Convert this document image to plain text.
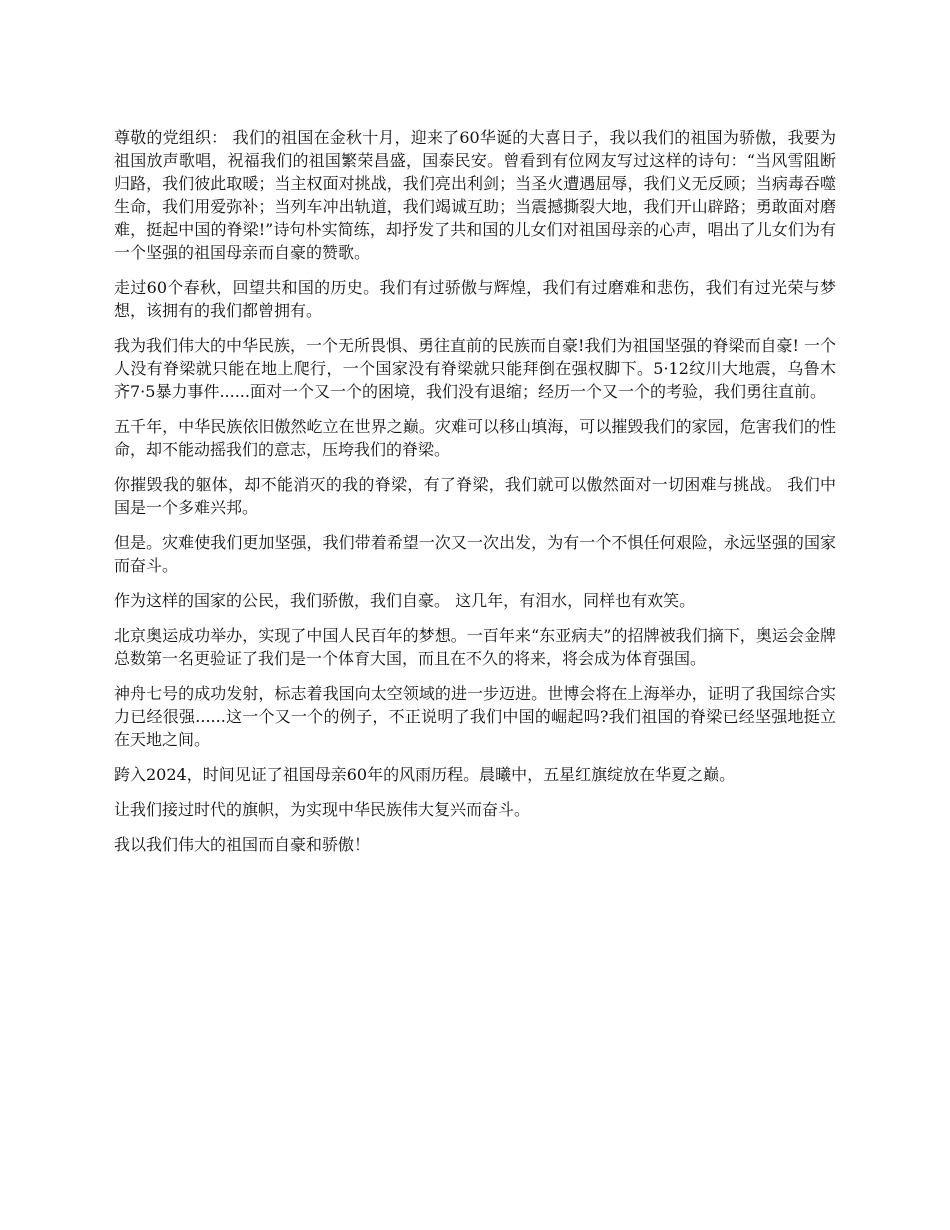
尊敬的党组织： 我们的祖国在金秋十月，迎来了60华诞的大喜日子，我以我们的祖国为骄傲，我要为祖国放声歌唱，祝福我们的祖国繁荣昌盛，国泰民安。曾看到有位网友写过这样的诗句：“当风雪阻断归路，我们彼此取暖；当主权面对挑战，我们亮出利剑；当圣火遭遇屈辱，我们义无反顾；当病毒吞噬生命，我们用爱弥补；当列车冲出轨道，我们竭诚互助；当震撼撕裂大地，我们开山辟路；勇敢面对磨难，挺起中国的脊梁!”诗句朴实简练，却抒发了共和国的儿女们对祖国母亲的心声，唱出了儿女们为有一个坚强的祖国母亲而自豪的赞歌。

走过60个春秋，回望共和国的历史。我们有过骄傲与辉煌，我们有过磨难和悲伤，我们有过光荣与梦想，该拥有的我们都曾拥有。

我为我们伟大的中华民族，一个无所畏惧、勇往直前的民族而自豪!我们为祖国坚强的脊梁而自豪! 一个人没有脊梁就只能在地上爬行，一个国家没有脊梁就只能拜倒在强权脚下。5·12纹川大地震，乌鲁木齐7·5暴力事件......面对一个又一个的困境，我们没有退缩；经历一个又一个的考验，我们勇往直前。

五千年，中华民族依旧傲然屹立在世界之巅。灾难可以移山填海，可以摧毁我们的家园，危害我们的性命，却不能动摇我们的意志，压垮我们的脊梁。

你摧毁我的躯体，却不能消灭的我的脊梁，有了脊梁，我们就可以傲然面对一切困难与挑战。 我们中国是一个多难兴邦。

但是。灾难使我们更加坚强，我们带着希望一次又一次出发，为有一个不惧任何艰险，永远坚强的国家而奋斗。

作为这样的国家的公民，我们骄傲，我们自豪。 这几年，有泪水，同样也有欢笑。

北京奥运成功举办，实现了中国人民百年的梦想。一百年来“东亚病夫”的招牌被我们摘下，奥运会金牌总数第一名更验证了我们是一个体育大国，而且在不久的将来，将会成为体育强国。

神舟七号的成功发射，标志着我国向太空领域的进一步迈进。世博会将在上海举办，证明了我国综合实力已经很强......这一个又一个的例子，不正说明了我们中国的崛起吗?我们祖国的脊梁已经坚强地挺立在天地之间。

跨入2024，时间见证了祖国母亲60年的风雨历程。晨曦中，五星红旗绽放在华夏之巅。

让我们接过时代的旗帜，为实现中华民族伟大复兴而奋斗。

我以我们伟大的祖国而自豪和骄傲！
